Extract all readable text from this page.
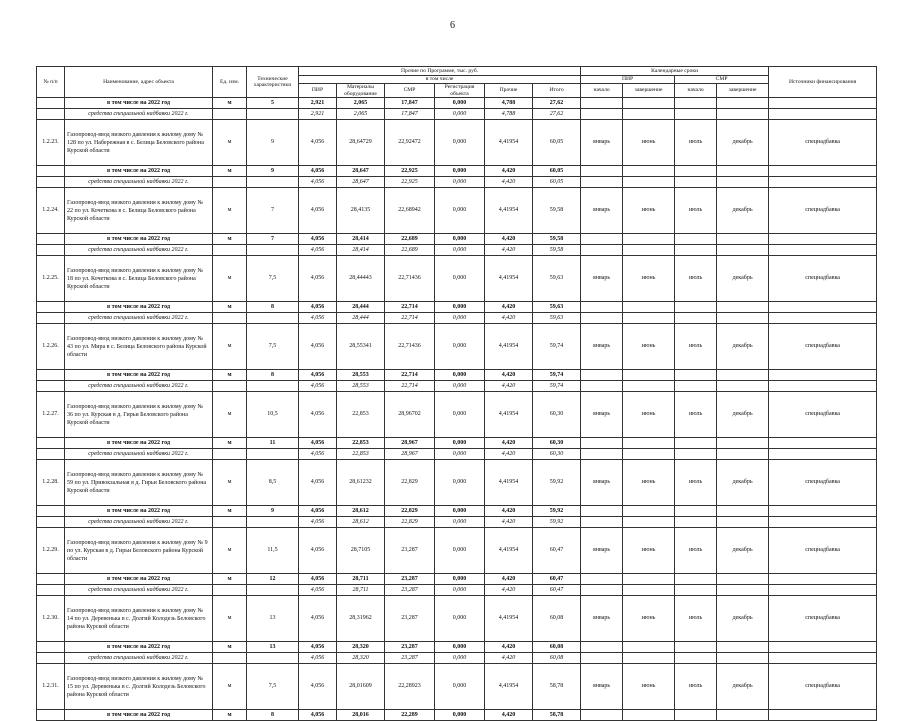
6
№ п/п	Наименование, адрес объекта	Ед. изм.	Технические характеристики	Прочие по Программе, тыс. руб.						Календарные сроки				Источники финансирования
				в том числе						ПИР		СМР		
				ПИР	Материалы оборудование	СМР	Регистрация объекта	Прочие	Итого	начало	завершение	начало	завершение	
	в том числе на 2022 год	м	5	2,921	2,065	17,847	0,000	4,788	27,62					
	средства специальной надбавки 2022 г.			2,921	2,065	17,847	0,000	4,788	27,62					
1.2.23.	Газопровод-ввод низкого давления к жилому дому № 128 по ул. Набережная в с. Белица Беловского района Курской области	м	9	4,056	28,64729	22,92472	0,000	4,41954	60,05	январь	июнь	июль	декабрь	спецнадбавка
	в том числе на 2022 год	м	9	4,056	28,647	22,925	0,000	4,420	60,05					
	средства специальной надбавки 2022 г.			4,056	28,647	22,925	0,000	4,420	60,05					
1.2.24.	Газопровод-ввод низкого давления к жилому дому № 22 по ул. Кочеткова в с. Белица Беловского района Курской области	м	7	4,056	28,4135	22,68942	0,000	4,41954	59,58	январь	июнь	июль	декабрь	спецнадбавка
	в том числе на 2022 год	м	7	4,056	28,414	22,689	0,000	4,420	59,58					
	средства специальной надбавки 2022 г.			4,056	28,414	22,689	0,000	4,420	59,58					
1.2.25.	Газопровод-ввод низкого давления к жилому дому № 18 по ул. Кочеткова в с. Белица Беловского района Курской области	м	7,5	4,056	28,44443	22,71436	0,000	4,41954	59,63	январь	июнь	июль	декабрь	спецнадбавка
	в том числе на 2022 год	м	8	4,056	28,444	22,714	0,000	4,420	59,63					
	средства специальной надбавки 2022 г.			4,056	28,444	22,714	0,000	4,420	59,63					
1.2.26.	Газопровод-ввод низкого давления к жилому дому № 43 по ул. Мира в с. Белица Беловского района Курской области	м	7,5	4,056	28,55341	22,71436	0,000	4,41954	59,74	январь	июнь	июль	декабрь	спецнадбавка
	в том числе на 2022 год	м	8	4,056	28,553	22,714	0,000	4,420	59,74					
	средства специальной надбавки 2022 г.			4,056	28,553	22,714	0,000	4,420	59,74					
1.2.27.	Газопровод-ввод низкого давления к жилому дому № 36 по ул. Курская в д. Гирьи Беловского района Курской области	м	10,5	4,056	22,853	28,96702	0,000	4,41954	60,30	январь	июнь	июль	декабрь	спецнадбавка
	в том числе на 2022 год	м	11	4,056	22,853	28,967	0,000	4,420	60,30					
	средства специальной надбавки 2022 г.			4,056	22,853	28,967	0,000	4,420	60,30					
1.2.28.	Газопровод-ввод низкого давления к жилому дому № 59 по ул. Привокзальная в д. Гирьи Беловского района Курской области	м	8,5	4,056	28,61232	22,829	0,000	4,41954	59,92	январь	июнь	июль	декабрь	спецнадбавка
	в том числе на 2022 год	м	9	4,056	28,612	22,829	0,000	4,420	59,92					
	средства специальной надбавки 2022 г.			4,056	28,612	22,829	0,000	4,420	59,92					
1.2.29.	Газопровод-ввод низкого давления к жилому дому № 9 по ул. Курская в д. Гирьи Беловского района Курской области	м	11,5	4,056	28,7105	23,287	0,000	4,41954	60,47	январь	июнь	июль	декабрь	спецнадбавка
	в том числе на 2022 год	м	12	4,056	28,711	23,287	0,000	4,420	60,47					
	средства специальной надбавки 2022 г.			4,056	28,711	23,287	0,000	4,420	60,47					
1.2.30.	Газопровод-ввод низкого давления к жилому дому № 14 по ул. Деревенька в с. Долгий Колодезь Беловского района Курской области	м	13	4,056	28,31962	23,287	0,000	4,41954	60,08	январь	июнь	июль	декабрь	спецнадбавка
	в том числе на 2022 год	м	13	4,056	28,320	23,287	0,000	4,420	60,08					
	средства специальной надбавки 2022 г.			4,056	28,320	23,287	0,000	4,420	60,08					
1.2.31.	Газопровод-ввод низкого давления к жилому дому № 15 по ул. Деревенька в с. Долгий Колодезь Беловского района Курской области	м	7,5	4,056	28,01609	22,28923	0,000	4,41954	58,78	январь	июнь	июль	декабрь	спецнадбавка
	в том числе на 2022 год	м	8	4,056	28,016	22,289	0,000	4,420	58,78					
